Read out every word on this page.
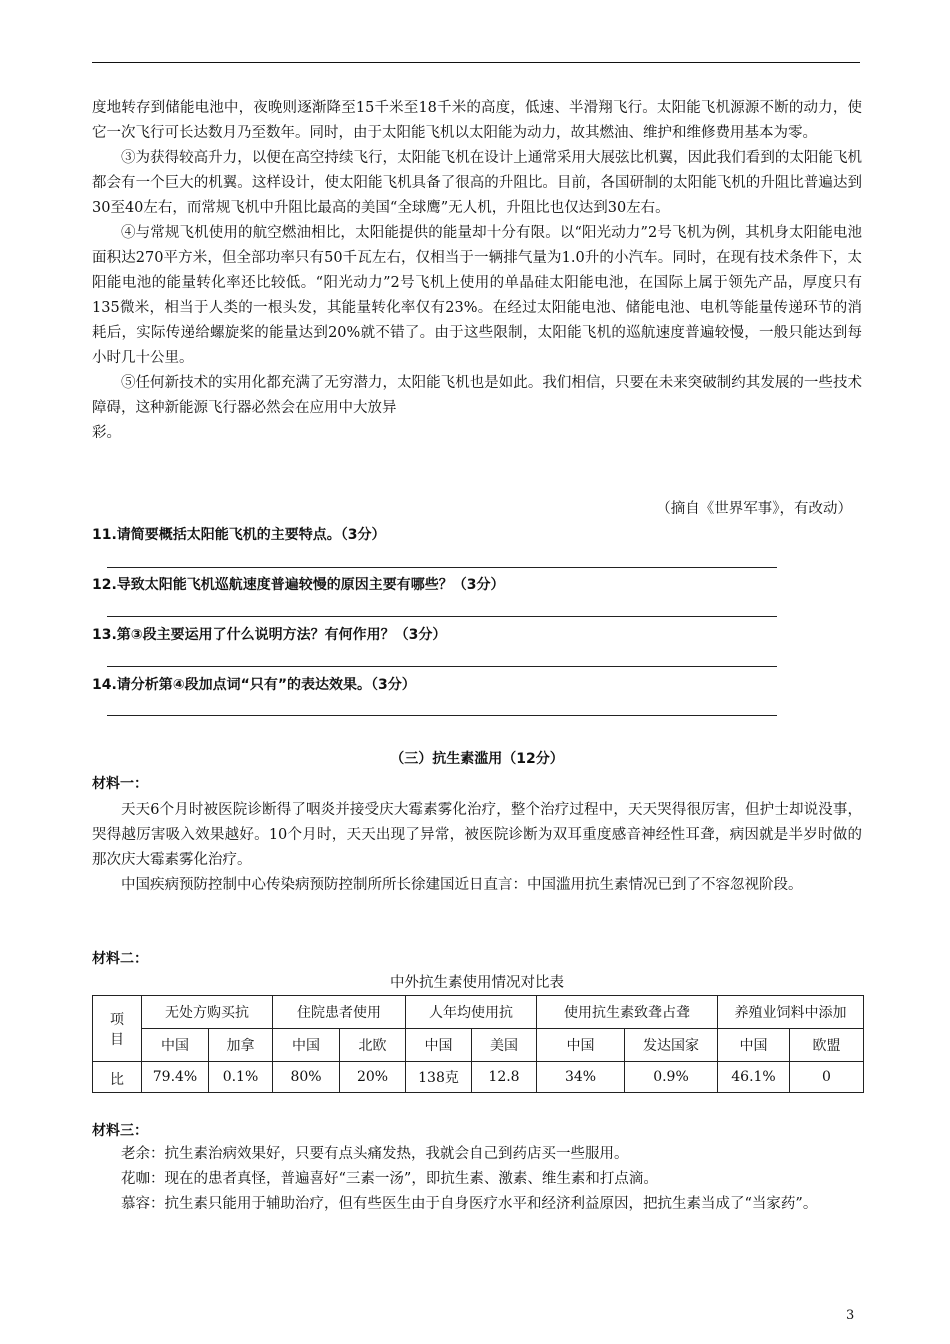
度地转存到储能电池中，夜晚则逐渐降至15千米至18千米的高度，低速、半滑翔飞行。太阳能飞机源源不断的动力，使它一次飞行可长达数月乃至数年。同时，由于太阳能飞机以太阳能为动力，故其燃油、维护和维修费用基本为零。

③为获得较高升力，以便在高空持续飞行，太阳能飞机在设计上通常采用大展弦比机翼，因此我们看到的太阳能飞机都会有一个巨大的机翼。这样设计，使太阳能飞机具备了很高的升阻比。目前，各国研制的太阳能飞机的升阻比普遍达到30至40左右，而常规飞机中升阻比最高的美国“全球鹰”无人机，升阻比也仅达到30左右。

④与常规飞机使用的航空燃油相比，太阳能提供的能量却十分有限。以“阳光动力”2号飞机为例，其机身太阳能电池面积达270平方米，但全部功率只有50千瓦左右，仅相当于一辆排气量为1.0升的小汽车。同时，在现有技术条件下，太阳能电池的能量转化率还比较低。“阳光动力”2号飞机上使用的单晶硅太阳能电池，在国际上属于领先产品，厚度只有135微米，相当于人类的一根头发，其能量转化率仅有23%。在经过太阳能电池、储能电池、电机等能量传递环节的消耗后，实际传递给螺旋桨的能量达到20%就不错了。由于这些限制，太阳能飞机的巡航速度普遍较慢，一般只能达到每小时几十公里。

⑤任何新技术的实用化都充满了无穷潜力，太阳能飞机也是如此。我们相信，只要在未来突破制约其发展的一些技术障碍，这种新能源飞行器必然会在应用中大放异

彩。

（摘自《世界军事》，有改动）
11.请简要概括太阳能飞机的主要特点。（3分）
12.导致太阳能飞机巡航速度普遍较慢的原因主要有哪些？（3分）
13.第③段主要运用了什么说明方法？有何作用？（3分）
14.请分析第④段加点词“只有”的表达效果。（3分）
（三）抗生素滥用（12分）
材料一：

天天6个月时被医院诊断得了咽炎并接受庆大霉素雾化治疗，整个治疗过程中，天天哭得很厉害，但护士却说没事，哭得越厉害吸入效果越好。10个月时，天天出现了异常，被医院诊断为双耳重度感音神经性耳聋，病因就是半岁时做的那次庆大霉素雾化治疗。

中国疾病预防控制中心传染病预防控制所所长徐建国近日直言：中国滥用抗生素情况已到了不容忽视阶段。

材料二：
中外抗生素使用情况对比表
项
目	无处方购买抗		住院患者使用		人年均使用抗		使用抗生素致聋占聋		养殖业饲料中添加	
	中国	加拿	中国	北欧	中国	美国	中国	发达国家	中国	欧盟

比	79.4%	0.1%	80%	20%	138克	12.8	34%	0.9%	46.1%	0
材料三：

老余：抗生素治病效果好，只要有点头痛发热，我就会自己到药店买一些服用。

花咖：现在的患者真怪，普遍喜好“三素一汤”，即抗生素、激素、维生素和打点滴。

慕容：抗生素只能用于辅助治疗，但有些医生由于自身医疗水平和经济利益原因，把抗生素当成了“当家药”。

3
